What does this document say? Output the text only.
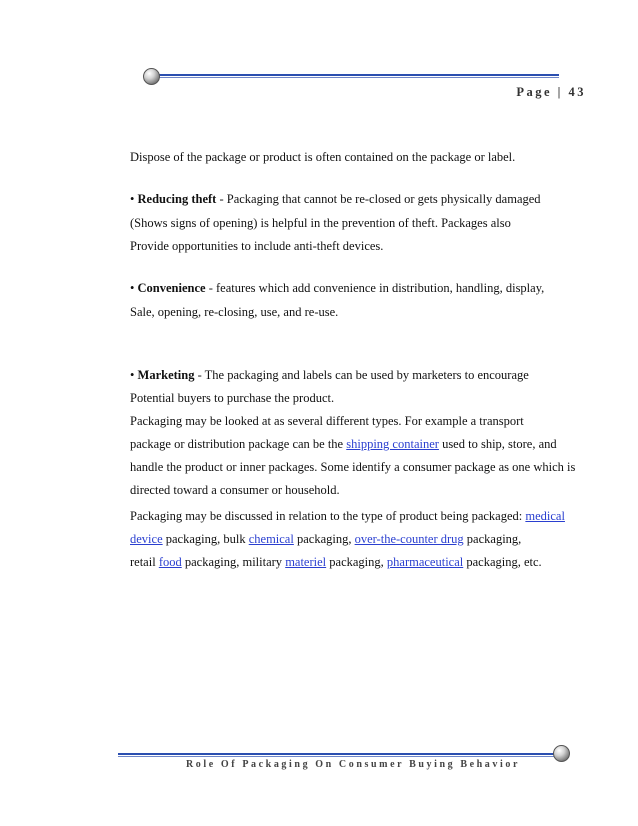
Page | 43

Dispose of the package or product is often contained on the package or label.

• Reducing theft - Packaging that cannot be re-closed or gets physically damaged

(Shows signs of opening) is helpful in the prevention of theft. Packages also

Provide opportunities to include anti-theft devices.

• Convenience - features which add convenience in distribution, handling, display,

Sale, opening, re-closing, use, and re-use.

• Marketing - The packaging and labels can be used by marketers to encourage

Potential buyers to purchase the product.

Packaging may be looked at as several different types. For example a transport

package or distribution package can be the shipping container used to ship, store, and

handle the product or inner packages. Some identify a consumer package as one which is

directed toward a consumer or household.

Packaging may be discussed in relation to the type of product being packaged: medical

device packaging, bulk chemical packaging, over-the-counter drug packaging,

retail food packaging, military materiel packaging, pharmaceutical packaging, etc.

Role Of Packaging On Consumer Buying Behavior
